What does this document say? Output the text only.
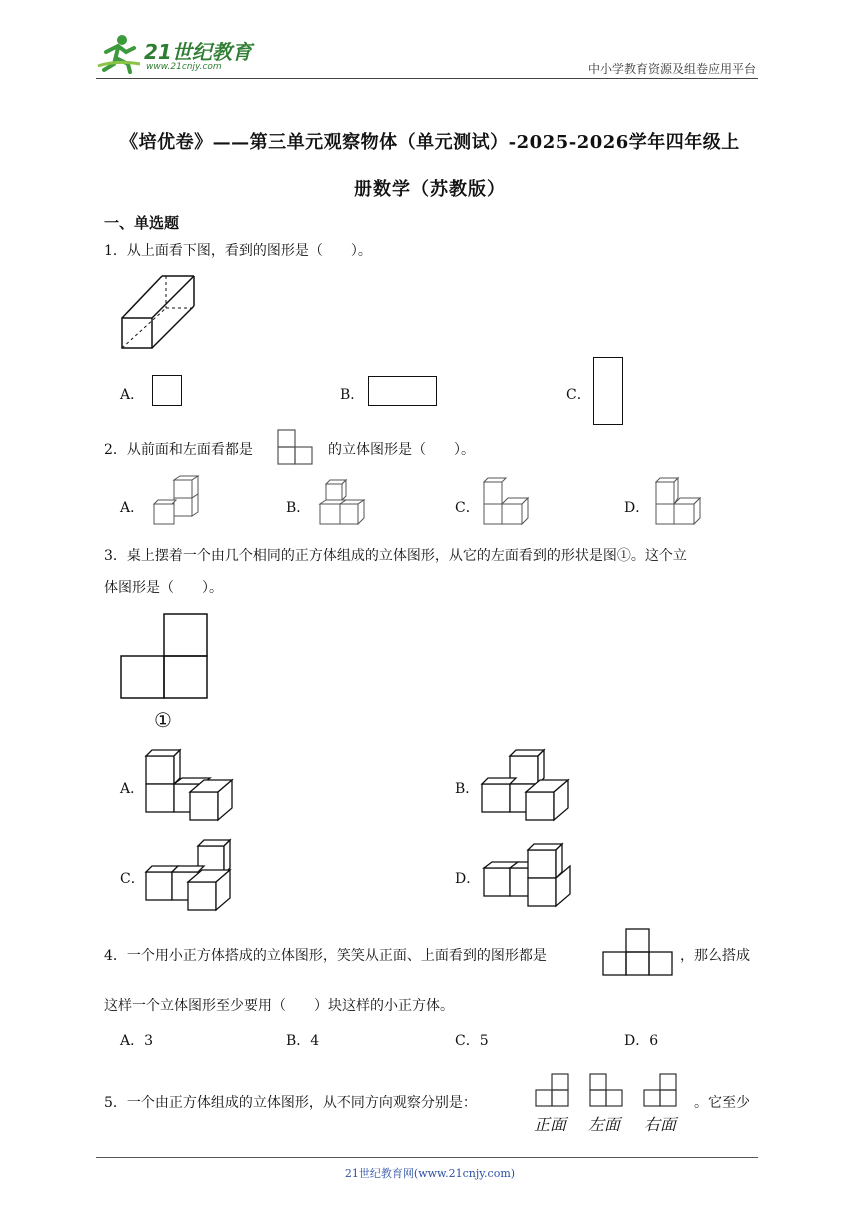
21世纪教育
www.21cnjy.com	中小学教育资源及组卷应用平台
《培优卷》——第三单元观察物体（单元测试）-2025-2026学年四年级上
册数学（苏教版）
一、单选题
1．从上面看下图，看到的图形是（　　）。
A．	B．	C．
2．从前面和左面看都是	的立体图形是（　　）。
A．	B．	C．	D．
3．桌上摆着一个由几个相同的正方体组成的立体图形，从它的左面看到的形状是图①。这个立
体图形是（　　）。
①
A．	B．
C．	D．
4．一个用小正方体搭成的立体图形，笑笑从正面、上面看到的图形都是	，那么搭成
这样一个立体图形至少要用（　　）块这样的小正方体。
A．3	B．4	C．5	D．6
5．一个由正方体组成的立体图形，从不同方向观察分别是：
正面 左面 右面
。它至少
21世纪教育网(www.21cnjy.com)
